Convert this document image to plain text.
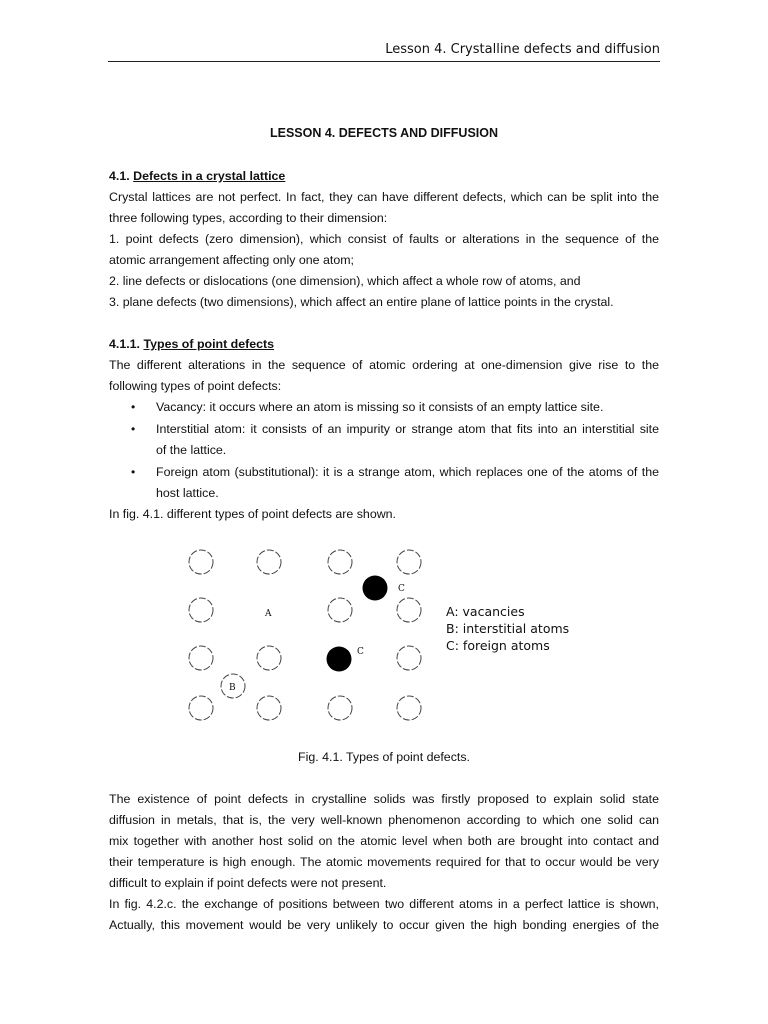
Lesson 4. Crystalline defects and diffusion
LESSON 4. DEFECTS AND DIFFUSION
4.1. Defects in a crystal lattice
Crystal lattices are not perfect. In fact, they can have different defects, which can be split into the
three following types, according to their dimension:
1. point defects (zero dimension), which consist of faults or alterations in the sequence of the
atomic arrangement affecting only one atom;
2. line defects or dislocations (one dimension), which affect a whole row of atoms, and
3. plane defects (two dimensions), which affect an entire plane of lattice points in the crystal.
4.1.1. Types of point defects
The different alterations in the sequence of atomic ordering at one-dimension give rise to the
following types of point defects:
• Vacancy: it occurs where an atom is missing so it consists of an empty lattice site.
• Interstitial atom: it consists of an impurity or strange atom that fits into an interstitial site
of the lattice.
• Foreign atom (substitutional): it is a strange atom, which replaces one of the atoms of the
host lattice.
In fig. 4.1. different types of point defects are shown.
A
B
C
C
A: vacancies
B: interstitial atoms
C: foreign atoms
Fig. 4.1. Types of point defects.
The existence of point defects in crystalline solids was firstly proposed to explain solid state
diffusion in metals, that is, the very well-known phenomenon according to which one solid can
mix together with another host solid on the atomic level when both are brought into contact and
their temperature is high enough. The atomic movements required for that to occur would be very
difficult to explain if point defects were not present.
In fig. 4.2.c. the exchange of positions between two different atoms in a perfect lattice is shown,
Actually, this movement would be very unlikely to occur given the high bonding energies of the
